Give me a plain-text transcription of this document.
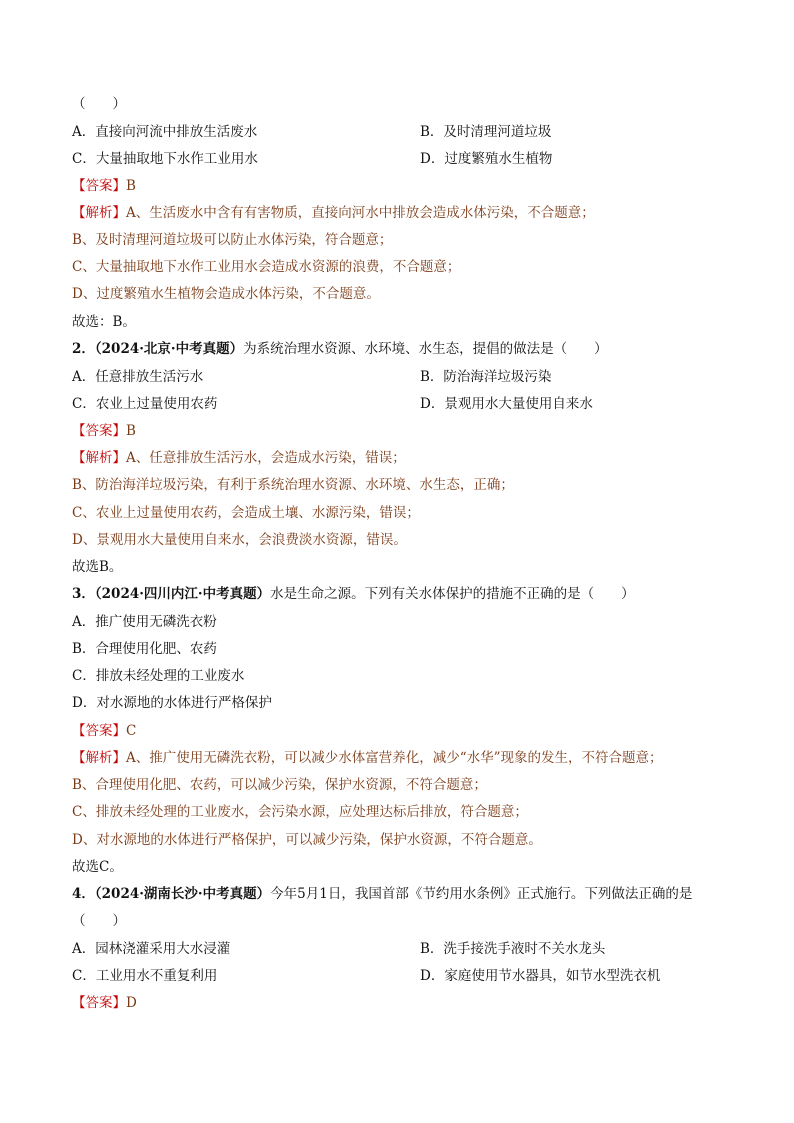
（　　）
A．直接向河流中排放生活废水	B．及时清理河道垃圾
C．大量抽取地下水作工业用水	D．过度繁殖水生植物
【答案】B
【解析】A、生活废水中含有有害物质，直接向河水中排放会造成水体污染，不合题意；
B、及时清理河道垃圾可以防止水体污染，符合题意；
C、大量抽取地下水作工业用水会造成水资源的浪费，不合题意；
D、过度繁殖水生植物会造成水体污染，不合题意。
故选：B。
2．（2024·北京·中考真题）为系统治理水资源、水环境、水生态，提倡的做法是（　　）
A．任意排放生活污水	B．防治海洋垃圾污染
C．农业上过量使用农药	D．景观用水大量使用自来水
【答案】B
【解析】A、任意排放生活污水，会造成水污染，错误；
B、防治海洋垃圾污染，有利于系统治理水资源、水环境、水生态，正确；
C、农业上过量使用农药，会造成土壤、水源污染，错误；
D、景观用水大量使用自来水，会浪费淡水资源，错误。
故选B。
3．（2024·四川内江·中考真题）水是生命之源。下列有关水体保护的措施不正确的是（　　）
A．推广使用无磷洗衣粉
B．合理使用化肥、农药
C．排放未经处理的工业废水
D．对水源地的水体进行严格保护
【答案】C
【解析】A、推广使用无磷洗衣粉，可以减少水体富营养化，减少“水华”现象的发生，不符合题意；
B、合理使用化肥、农药，可以减少污染，保护水资源，不符合题意；
C、排放未经处理的工业废水，会污染水源，应处理达标后排放，符合题意；
D、对水源地的水体进行严格保护，可以减少污染，保护水资源，不符合题意。
故选C。
4．（2024·湖南长沙·中考真题）今年5月1日，我国首部《节约用水条例》正式施行。下列做法正确的是
（　　）
A．园林浇灌采用大水浸灌	B．洗手接洗手液时不关水龙头
C．工业用水不重复利用	D．家庭使用节水器具，如节水型洗衣机
【答案】D
